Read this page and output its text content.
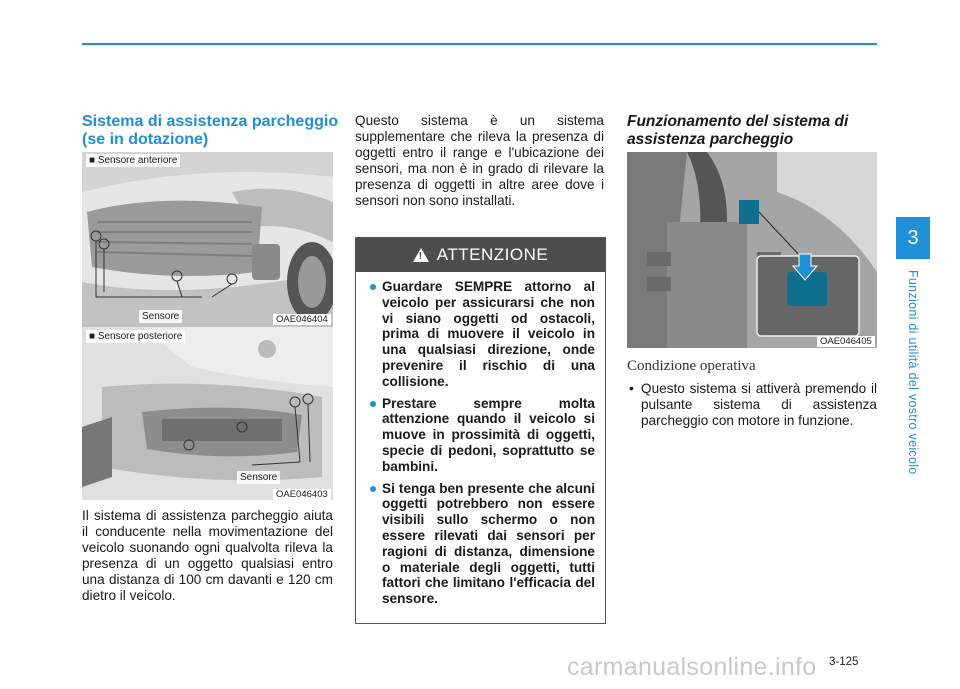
Sistema di assistenza parcheggio (se in dotazione)
■ Sensore anteriore
Sensore	OAE046404
■ Sensore posteriore
Sensore
OAE046403
Il sistema di assistenza parcheggio aiuta il conducente nella movimentazione del veicolo suonando ogni qualvolta rileva la presenza di un oggetto qualsiasi entro una distanza di 100 cm davanti e 120 cm dietro il veicolo.
Questo sistema è un sistema supplementare che rileva la presenza di oggetti entro il range e l'ubicazione dei sensori, ma non è in grado di rilevare la presenza di oggetti in altre aree dove i sensori non sono installati.
! ATTENZIONE
Guardare SEMPRE attorno al veicolo per assicurarsi che non vi siano oggetti od ostacoli, prima di muovere il veicolo in una qualsiasi direzione, onde prevenire il rischio di una collisione.
Prestare sempre molta attenzione quando il veicolo si muove in prossimità di oggetti, specie di pedoni, soprattutto se bambini.
Si tenga ben presente che alcuni oggetti potrebbero non essere visibili sullo schermo o non essere rilevati dai sensori per ragioni di distanza, dimensione o materiale degli oggetti, tutti fattori che limitano l'efficacia del sensore.
Funzionamento del sistema di assistenza parcheggio
OAE046405
Condizione operativa
• Questo sistema si attiverà premendo il pulsante sistema di assistenza parcheggio con motore in funzione.
3
Funzioni di utilità del vostro veicolo
3-125
carmanualsonline.info
